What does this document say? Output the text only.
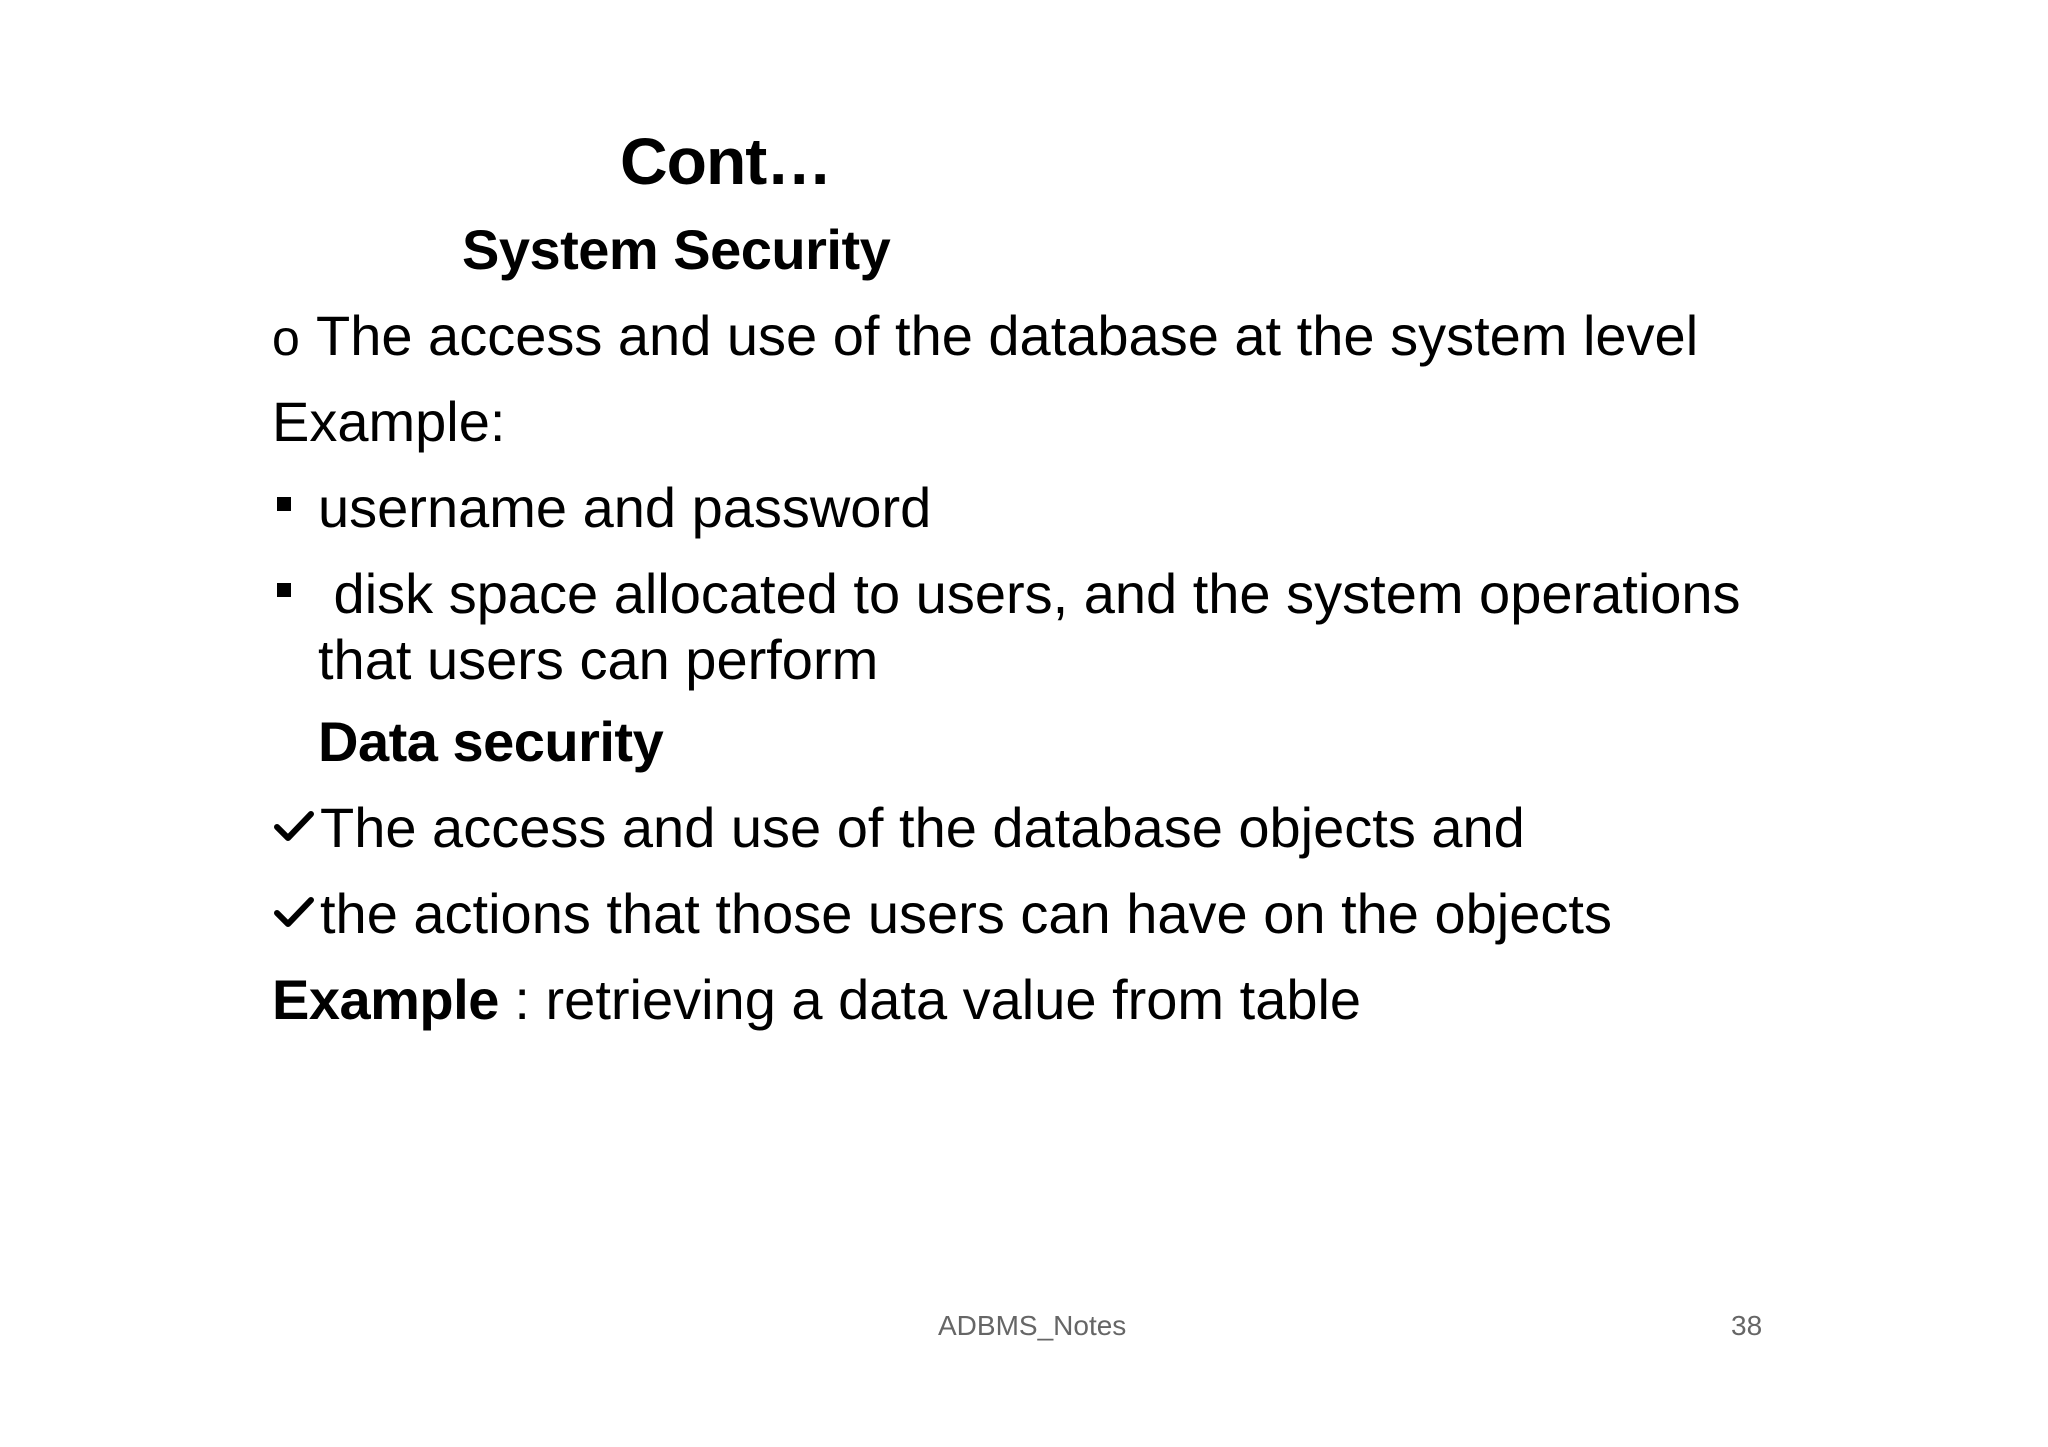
Cont…
System Security
o The access and use of the database at the system level
Example:
username and password
disk space allocated to users, and the system operations
that users can perform
Data security
The access and use of the database objects and
the actions that those users can have on the objects
Example : retrieving a data value from table
ADBMS_Notes	38
